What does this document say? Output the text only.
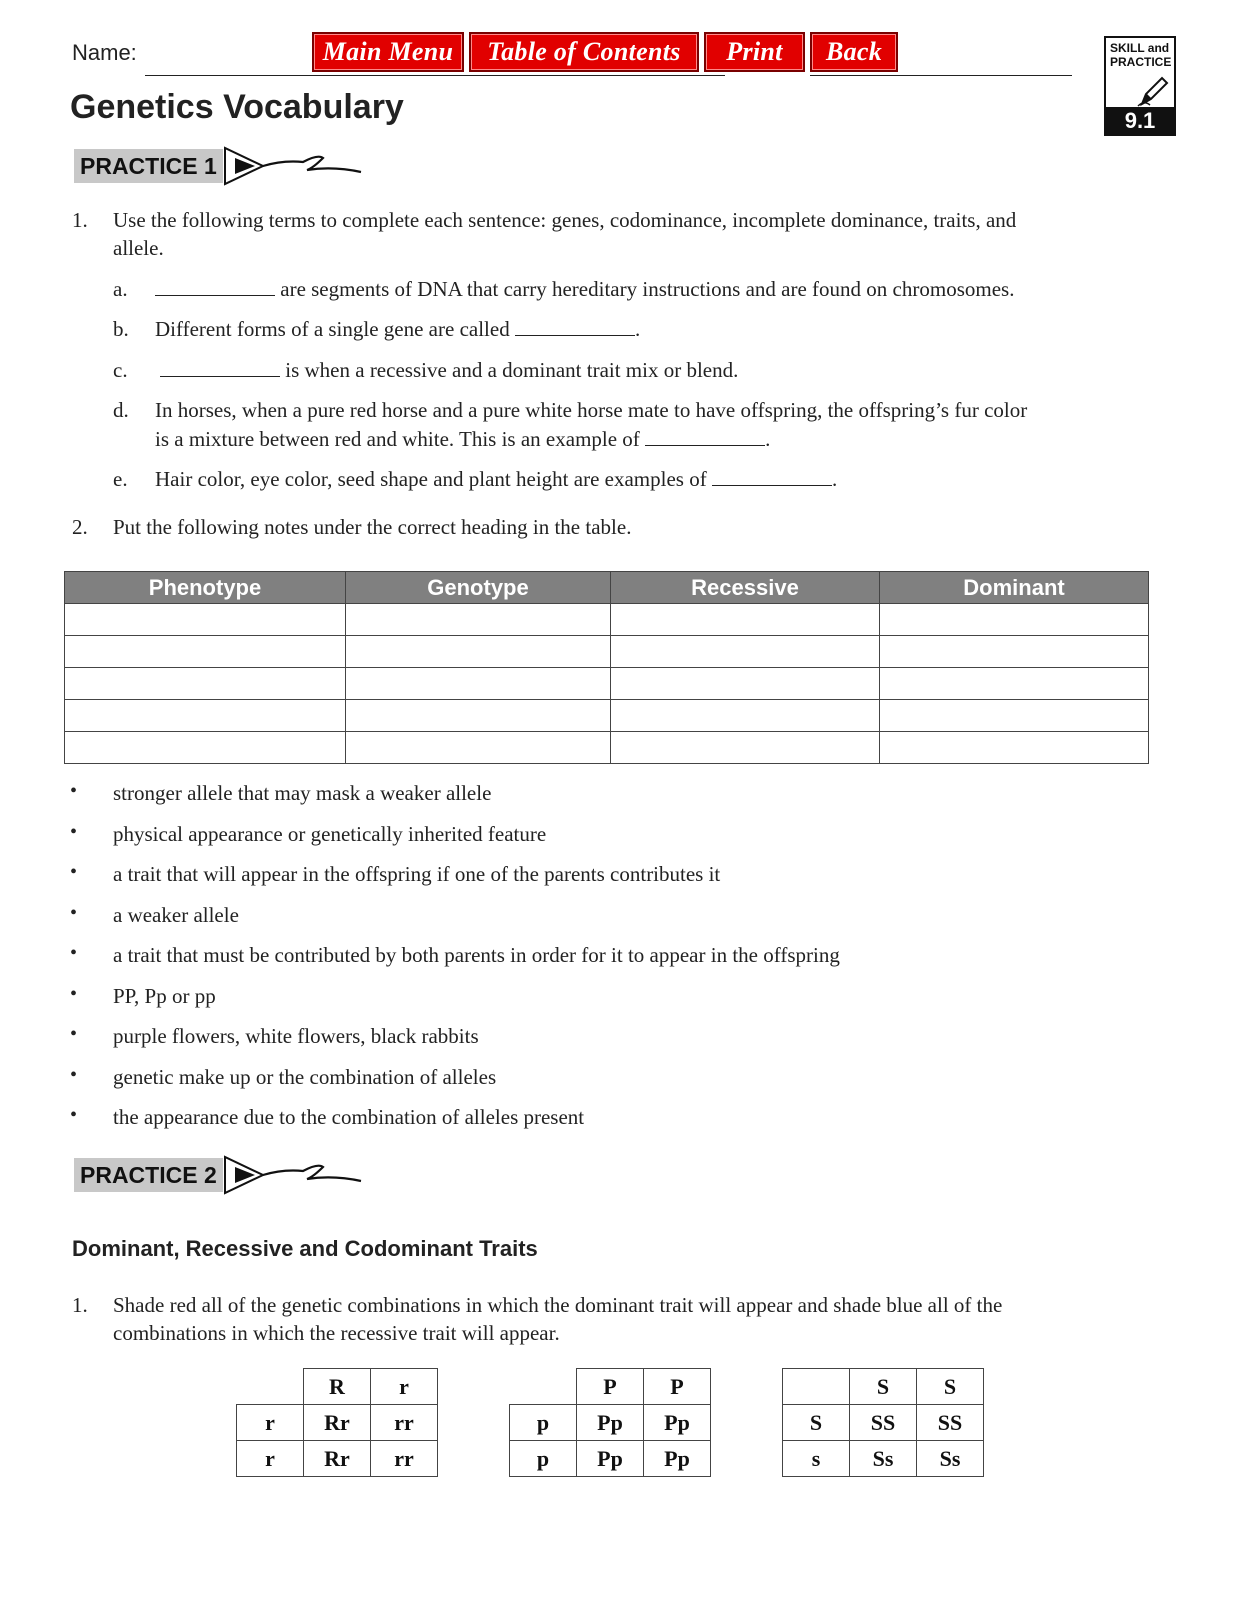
Name:	Main Menu Table of Contents Print Back
Genetics Vocabulary
SKILL and
PRACTICE
9.1
PRACTICE 1
1. Use the following terms to complete each sentence: genes, codominance, incomplete dominance, traits, and
allele.
a.	are segments of DNA that carry hereditary instructions and are found on chromosomes.
b. Different forms of a single gene are called	.
c.	is when a recessive and a dominant trait mix or blend.
d. In horses, when a pure red horse and a pure white horse mate to have offspring, the offspring’s fur color
is a mixture between red and white. This is an example of	.
e. Hair color, eye color, seed shape and plant height are examples of	.
2. Put the following notes under the correct heading in the table.
Phenotype	Genotype	Recessive	Dominant

• stronger allele that may mask a weaker allele
• physical appearance or genetically inherited feature
• a trait that will appear in the offspring if one of the parents contributes it
• a weaker allele
• a trait that must be contributed by both parents in order for it to appear in the offspring
• PP, Pp or pp
• purple flowers, white flowers, black rabbits
• genetic make up or the combination of alleles
• the appearance due to the combination of alleles present
PRACTICE 2
Dominant, Recessive and Codominant Traits
1. Shade red all of the genetic combinations in which the dominant trait will appear and shade blue all of the
combinations in which the recessive trait will appear.
	R	r
r	Rr	rr
r	Rr	rr
	P	P
p	Pp	Pp
p	Pp	Pp
	S	S
S	SS	SS
s	Ss	Ss
